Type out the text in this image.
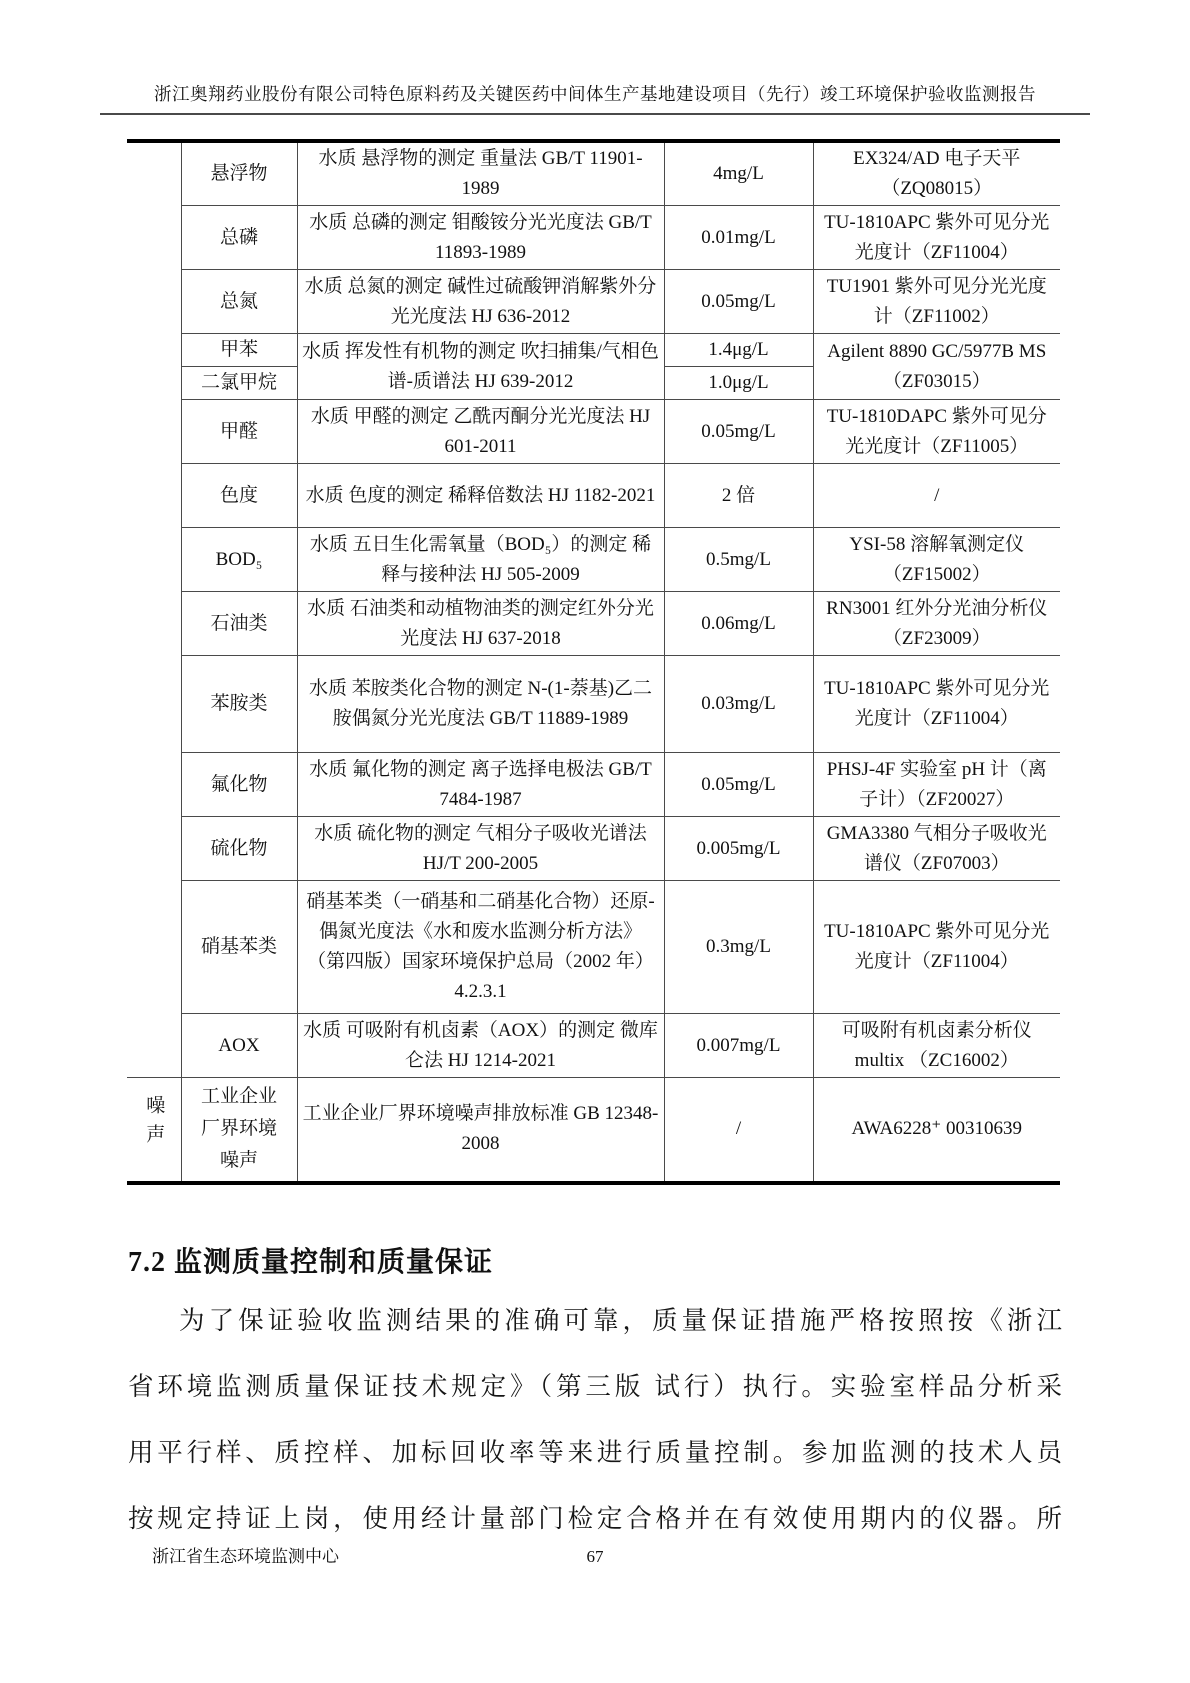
浙江奥翔药业股份有限公司特色原料药及关键医药中间体生产基地建设项目（先行）竣工环境保护验收监测报告
	悬浮物	水质 悬浮物的测定 重量法 GB/T 11901-1989	4mg/L	EX324/AD 电子天平（ZQ08015）
	总磷	水质 总磷的测定 钼酸铵分光光度法 GB/T 11893-1989	0.01mg/L	TU-1810APC 紫外可见分光光度计（ZF11004）
	总氮	水质 总氮的测定 碱性过硫酸钾消解紫外分光光度法 HJ 636-2012	0.05mg/L	TU1901 紫外可见分光光度计（ZF11002）
	甲苯	水质 挥发性有机物的测定 吹扫捕集/气相色谱-质谱法 HJ 639-2012	1.4μg/L	Agilent 8890 GC/5977B MS（ZF03015）
	二氯甲烷		1.0μg/L	
	甲醛	水质 甲醛的测定 乙酰丙酮分光光度法 HJ 601-2011	0.05mg/L	TU-1810DAPC 紫外可见分光光度计（ZF11005）
	色度	水质 色度的测定 稀释倍数法 HJ 1182-2021	2 倍	/
	BOD₅	水质 五日生化需氧量（BOD₅）的测定 稀释与接种法 HJ 505-2009	0.5mg/L	YSI-58 溶解氧测定仪（ZF15002）
	石油类	水质 石油类和动植物油类的测定红外分光光度法 HJ 637-2018	0.06mg/L	RN3001 红外分光油分析仪（ZF23009）
	苯胺类	水质 苯胺类化合物的测定 N-(1-萘基)乙二胺偶氮分光光度法 GB/T 11889-1989	0.03mg/L	TU-1810APC 紫外可见分光光度计（ZF11004）
	氟化物	水质 氟化物的测定 离子选择电极法 GB/T 7484-1987	0.05mg/L	PHSJ-4F 实验室 pH 计（离子计）（ZF20027）
	硫化物	水质 硫化物的测定 气相分子吸收光谱法 HJ/T 200-2005	0.005mg/L	GMA3380 气相分子吸收光谱仪（ZF07003）
	硝基苯类	硝基苯类（一硝基和二硝基化合物）还原-偶氮光度法《水和废水监测分析方法》 （第四版）国家环境保护总局（2002 年）4.2.3.1	0.3mg/L	TU-1810APC 紫外可见分光光度计（ZF11004）
	AOX	水质 可吸附有机卤素（AOX）的测定 微库仑法 HJ 1214-2021	0.007mg/L	可吸附有机卤素分析仪 multix （ZC16002）
噪声	工业企业厂界环境噪声	工业企业厂界环境噪声排放标准 GB 12348-2008	/	AWA6228⁺ 00310639
7.2 监测质量控制和质量保证
为了保证验收监测结果的准确可靠，质量保证措施严格按照按《浙江
省环境监测质量保证技术规定》（第三版 试行）执行。实验室样品分析采
用平行样、质控样、加标回收率等来进行质量控制。参加监测的技术人员
按规定持证上岗，使用经计量部门检定合格并在有效使用期内的仪器。所
67
浙江省生态环境监测中心
